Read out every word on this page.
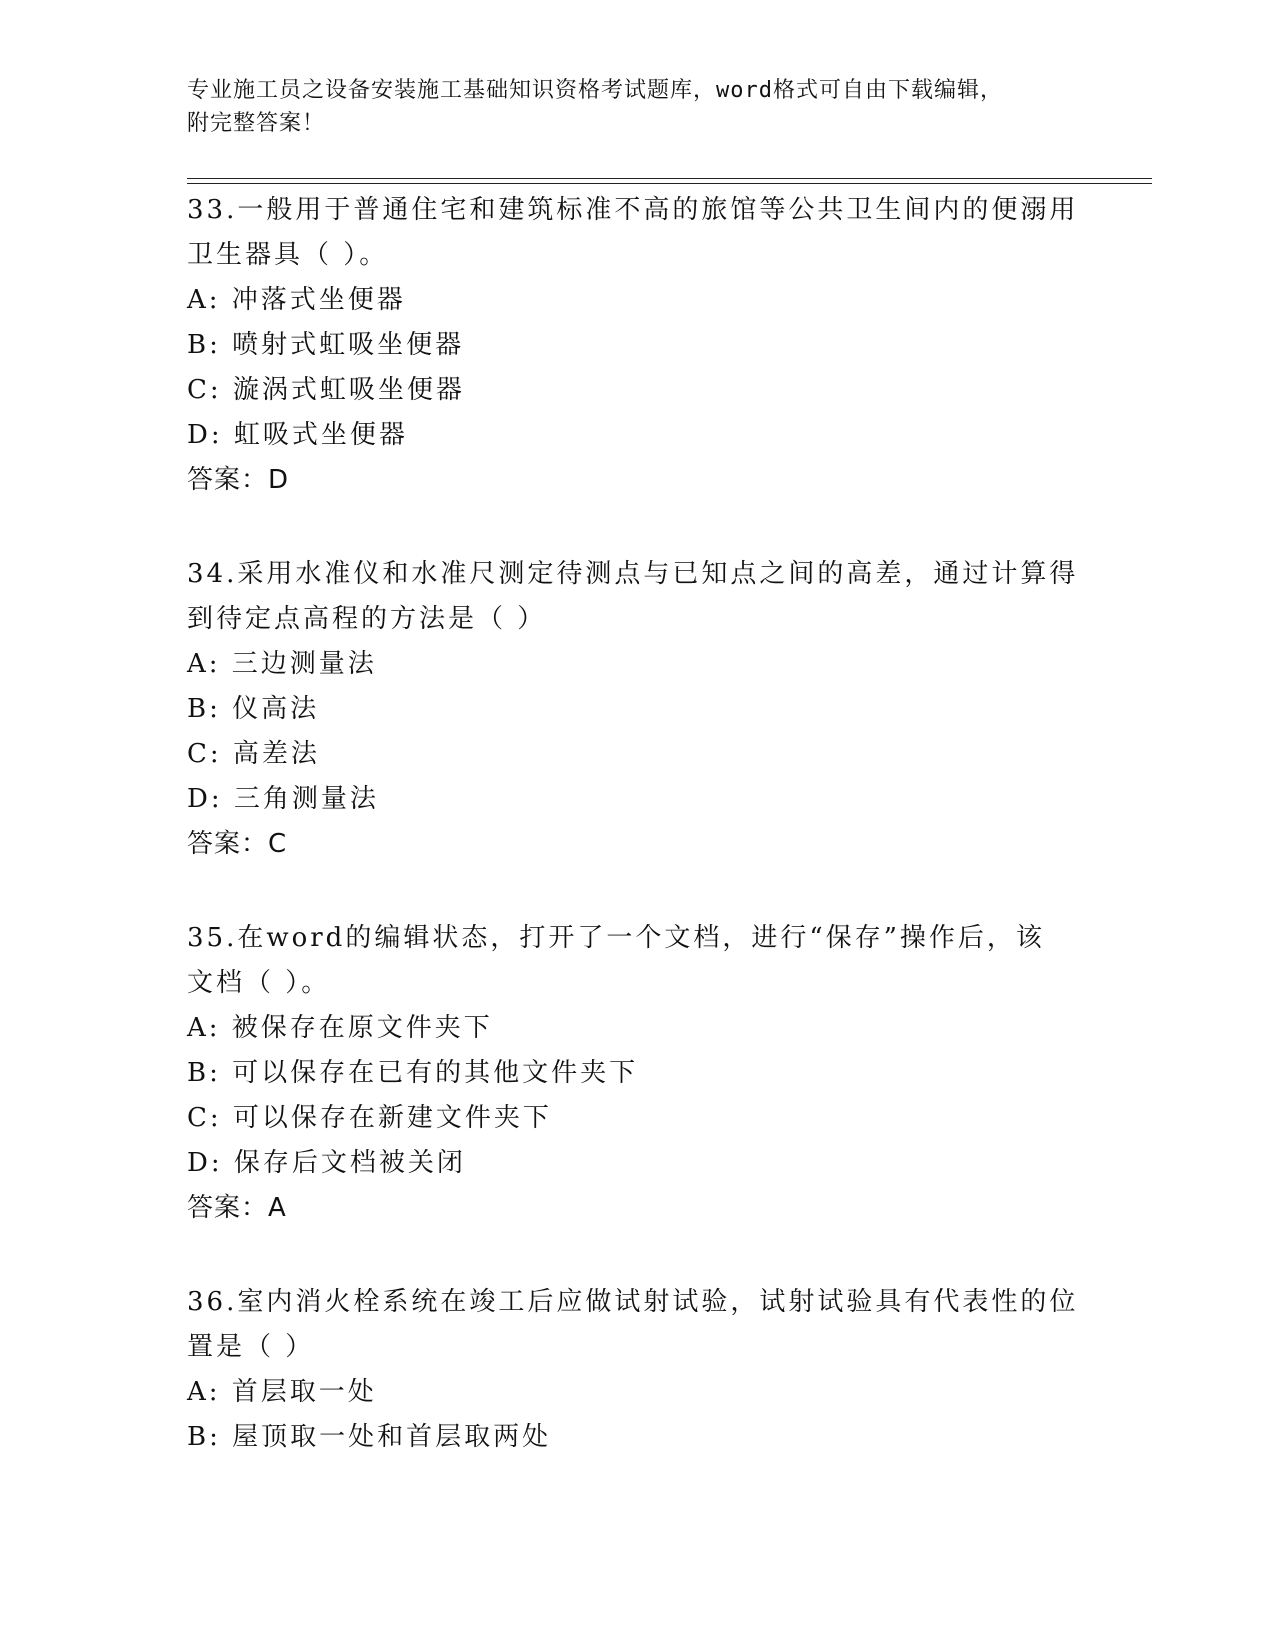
专业施工员之设备安装施工基础知识资格考试题库，word格式可自由下载编辑，
附完整答案！
33.一般用于普通住宅和建筑标准不高的旅馆等公共卫生间内的便溺用
卫生器具（ ）。
A: 冲落式坐便器
B: 喷射式虹吸坐便器
C: 漩涡式虹吸坐便器
D: 虹吸式坐便器
答案：D
34.采用水准仪和水准尺测定待测点与已知点之间的高差，通过计算得
到待定点高程的方法是（ ）
A: 三边测量法
B: 仪高法
C: 高差法
D: 三角测量法
答案：C
35.在word的编辑状态，打开了一个文档，进行“保存”操作后，该
文档（ ）。
A: 被保存在原文件夹下
B: 可以保存在已有的其他文件夹下
C: 可以保存在新建文件夹下
D: 保存后文档被关闭
答案：A
36.室内消火栓系统在竣工后应做试射试验，试射试验具有代表性的位
置是（ ）
A: 首层取一处
B: 屋顶取一处和首层取两处
